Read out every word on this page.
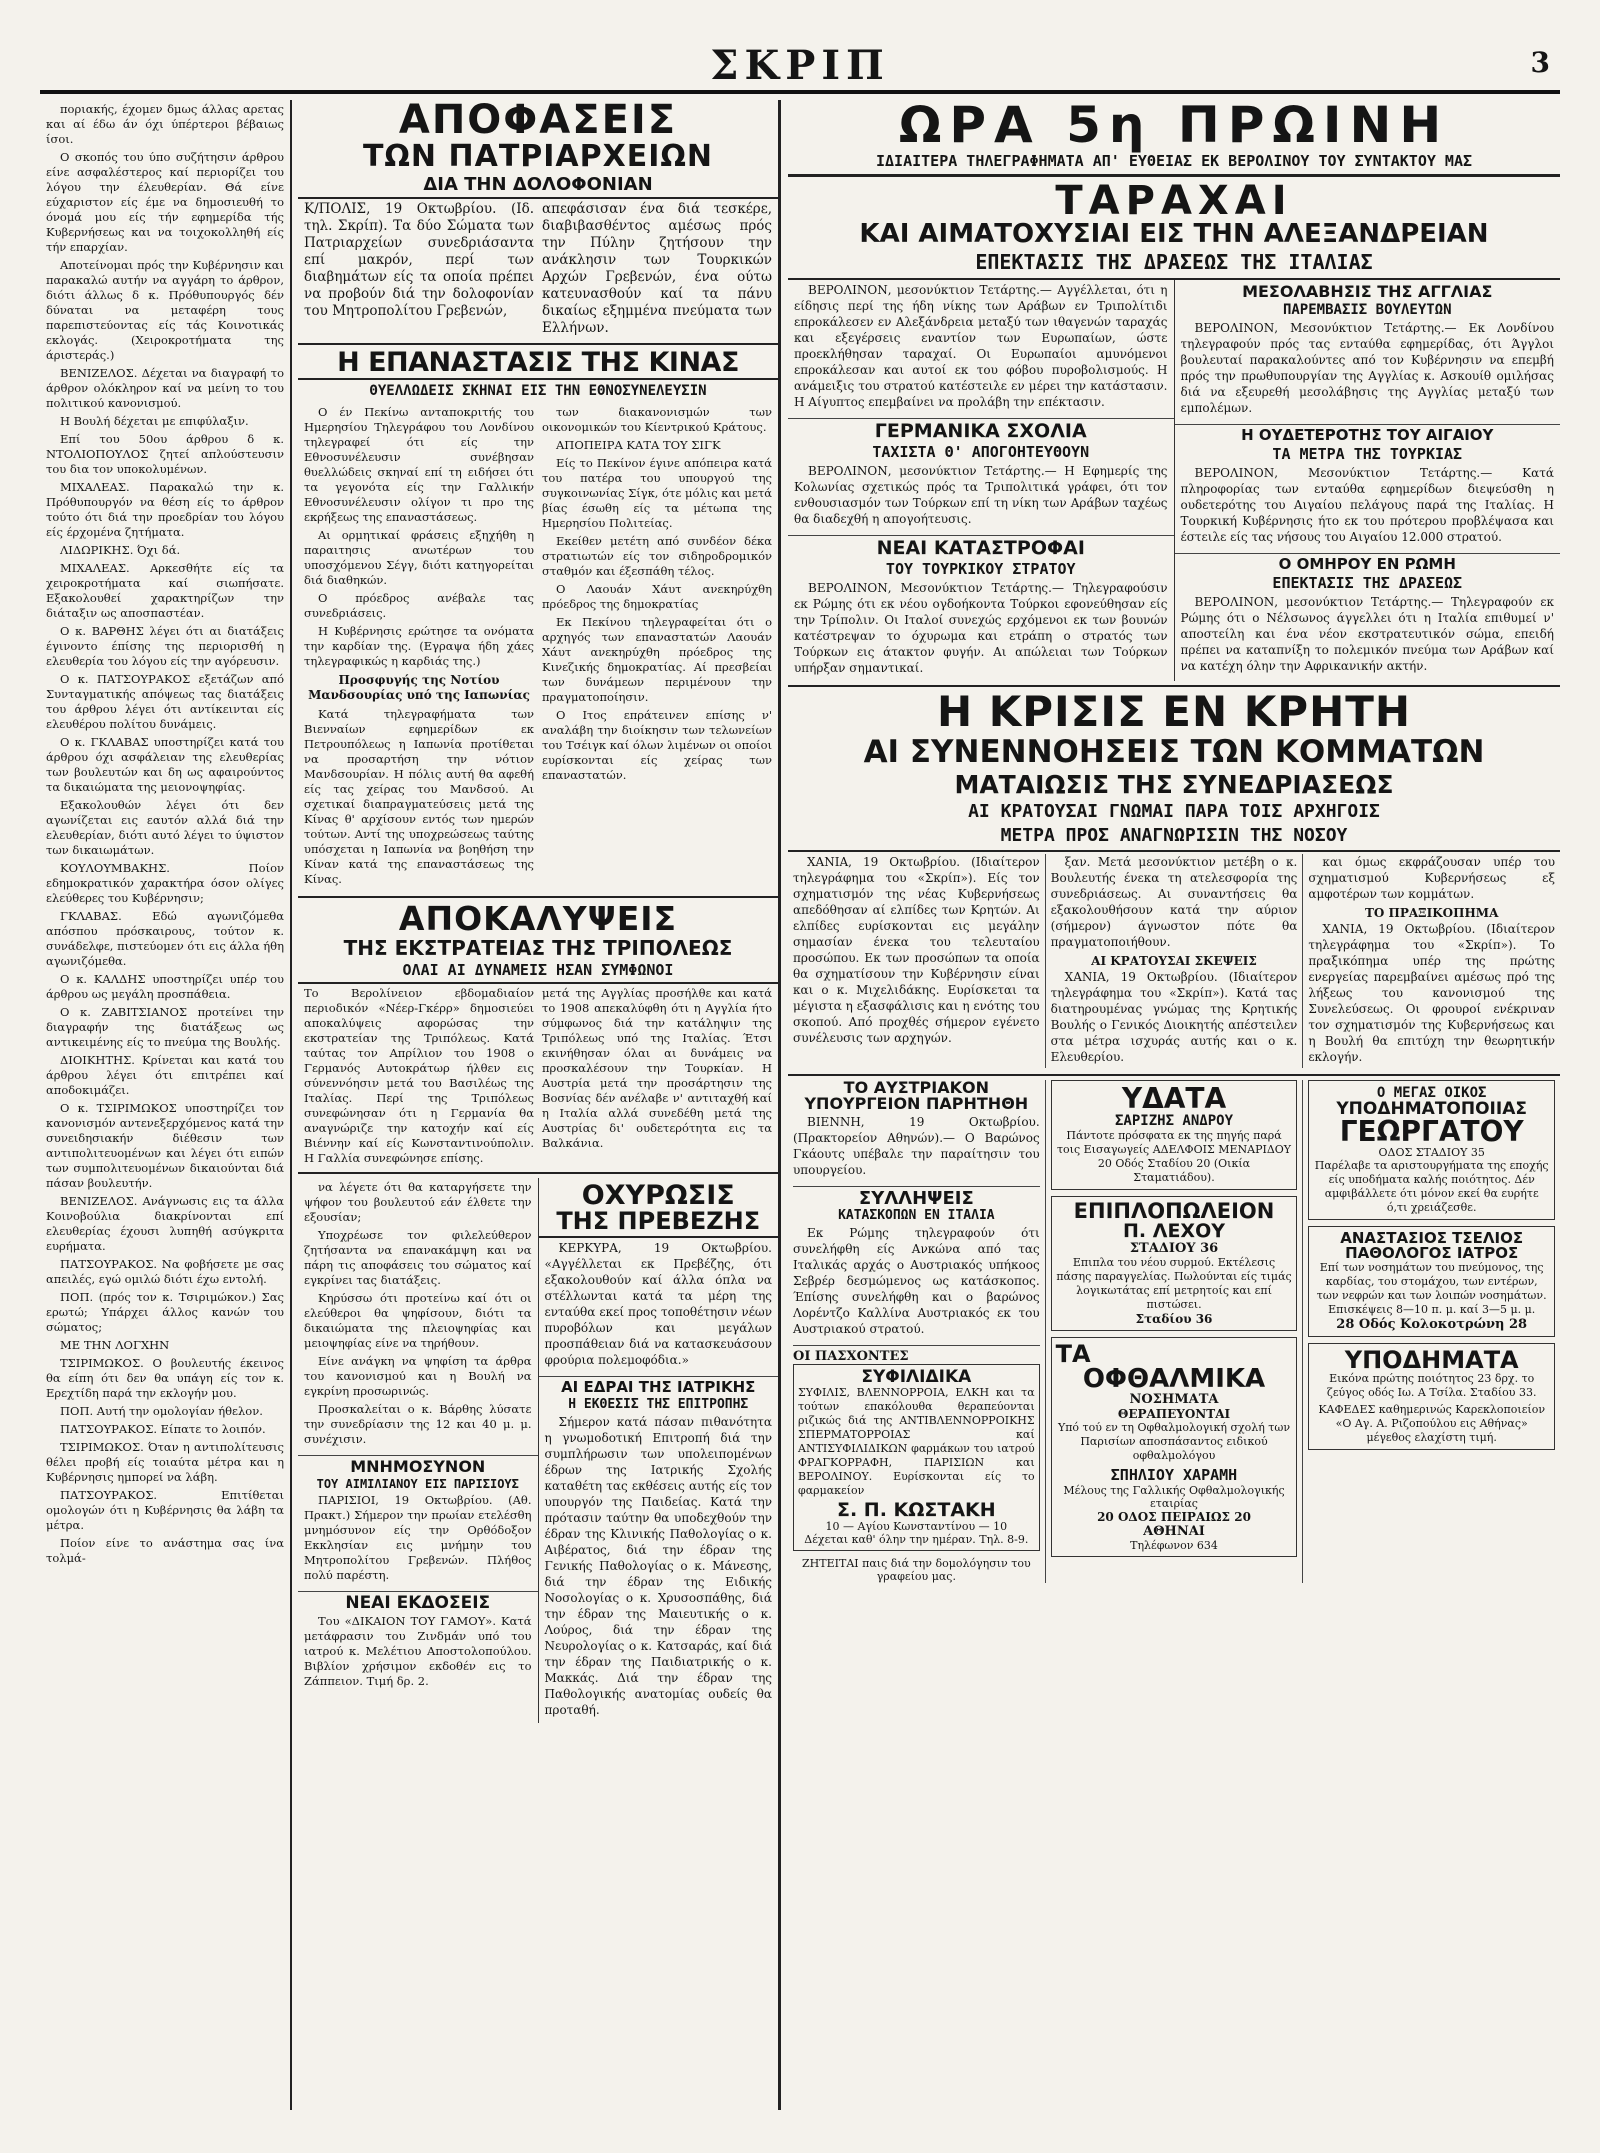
ΣΚΡΙΠ	3

ποριακής, έχομεν δμως άλλας αρετας και αί έδω άν όχι ύπέρτεροι βέβαιως ίσοι.

Ο σκοπός του ύπο συζήτησιν άρθρου είνε ασφαλέστερος καί περιορίζει του λόγου την έλευθερίαν. Θά είνε εύχαριστον είς έμε να δημοσιευθή το όνομά μου είς τήν εφημερίδα τής Κυβερνήσεως και να τοιχοκολληθή είς τήν επαρχίαν.

Αποτείνομαι πρός την Κυβέρνησιν και παρακαλώ αυτήν να αγγάρη το άρθρον, διότι άλλως δ κ. Πρόθυπουργός δέν δύναται να μεταφέρη τους παρεπιστεύοντας είς τάς Κοινοτικάς εκλογάς. (Χειροκροτήματα της άριστεράς.)

ΒΕΝΙΖΕΛΟΣ. Δέχεται να διαγραφή το άρθρον ολόκληρον καί να μείνη το του πολιτικού κανονισμού.

Η Βουλή δέχεται με επιφύλαξιν.

Επί του 50ου άρθρου δ κ. ΝΤΟΛΙΟΠΟΥΛΟΣ ζητεί απλούστευσιν του δια τον υποκολυμένων.

ΜΙΧΑΛΕΑΣ. Παρακαλώ την κ. Πρόθυπουργόν να θέση είς το άρθρον τούτο ότι διά την προεδρίαν του λόγου είς έρχομένα ζητήματα.

ΛΙΔΩΡΙΚΗΣ. Όχι δά.

ΜΙΧΑΛΕΑΣ. Αρκεσθήτε είς τα χειροκροτήματα καί σιωπήσατε. Εξακολουθεί χαρακτηρίζων την διάταξιν ως αποσπαστέαν.

Ο κ. ΒΑΡΘΗΣ λέγει ότι αι διατάξεις έγινοντο έπίσης της περιορισθή η ελευθερία του λόγου είς την αγόρευσιν.

Ο κ. ΠΑΤΣΟΥΡΑΚΟΣ εξετάζων από Συνταγματικής απόψεως τας διατάξεις του άρθρου λέγει ότι αντίκεινται είς ελευθέρου πολίτου δυνάμεις.

Ο κ. ΓΚΛΑΒΑΣ υποστηρίζει κατά του άρθρου όχι ασφάλειαν της ελευθερίας των βουλευτών και δη ως αφαιρούντος τα δικαιώματα της μειονοψηφίας.

Εξακολουθών λέγει ότι δεν αγωνίζεται εις εαυτόν αλλά διά την ελευθερίαν, διότι αυτό λέγει το ύψιστον των δικαιωμάτων.

ΚΟΥΛΟΥΜΒΑΚΗΣ. Ποίον εδημοκρατικόν χαρακτήρα όσον ολίγες ελεύθερες του Κυβέρνησιν;

ΓΚΛΑΒΑΣ. Εδώ αγωνιζόμεθα απόσπου πρόσκαιρους, τούτον κ. συνάδελφε, πιστεύομεν ότι εις άλλα ήθη αγωνιζόμεθα.

Ο κ. ΚΑΛΔΗΣ υποστηρίζει υπέρ του άρθρου ως μεγάλη προσπάθεια.

Ο κ. ΖΑΒΙΤΣΙΑΝΟΣ προτείνει την διαγραφήν της διατάξεως ως αντικειμένης είς το πνεύμα της Βουλής.

ΔΙΟΙΚΗΤΗΣ. Κρίνεται και κατά του άρθρου λέγει ότι επιτρέπει καί αποδοκιμάζει.

Ο κ. ΤΣΙΡΙΜΩΚΟΣ υποστηρίζει τον κανονισμόν αντενεξερχόμενος κατά την συνειδησιακήν διέθεσιν των αντιπολιτευομένων και λέγει ότι ειπών των συμπολιτευομένων δικαιούνται διά πάσαν βουλευτήν.

ΒΕΝΙΖΕΛΟΣ. Ανάγνωσις εις τα άλλα Κοινοβούλια διακρίνονται επί ελευθερίας έχουσι λυπηθή ασύγκριτα ευρήματα.

ΠΑΤΣΟΥΡΑΚΟΣ. Να φοβήσετε με σας απειλές, εγώ ομιλώ διότι έχω εντολή.

ΠΟΠ. (πρός τον κ. Τσιριμώκον.) Σας ερωτώ; Υπάρχει άλλος κανών του σώματος;

ΜΕ ΤΗΝ ΛΟΓΧΗΝ

ΤΣΙΡΙΜΩΚΟΣ. Ο βουλευτής έκεινος θα είπη ότι δεν θα υπάγη είς τον κ. Ερεχτίδη παρά την εκλογήν μου.

ΠΟΠ. Αυτή την ομολογίαν ήθελον.

ΠΑΤΣΟΥΡΑΚΟΣ. Είπατε το λοιπόν.

ΤΣΙΡΙΜΩΚΟΣ. Όταν η αντιπολίτευσις θέλει προβή είς τοιαύτα μέτρα και η Κυβέρνησις ημπορεί να λάβη.

ΠΑΤΣΟΥΡΑΚΟΣ. Επιτίθεται ομολογών ότι η Κυβέρνησις θα λάβη τα μέτρα.

Ποίον είνε το ανάστημα σας ίνα τολμά-

ΑΠΟΦΑΣΕΙΣ
ΤΩΝ ΠΑΤΡΙΑΡΧΕΙΩΝ
ΔΙΑ ΤΗΝ ΔΟΛΟΦΟΝΙΑΝ
Κ/ΠΟΛΙΣ, 19 Οκτωβρίου. (Ιδ. τηλ. Σκρίπ). Τα δύο Σώματα των Πατριαρχείων συνεδριάσαντα επί μακρόν, περί των διαβημάτων είς τα οποία πρέπει να προβούν διά την δολοφονίαν του Μητροπολίτου Γρεβενών,
απεφάσισαν ένα διά τεσκέρε, διαβιβασθέντος αμέσως πρός την Πύλην ζητήσουν την ανάκλησιν των Τουρκικών Αρχών Γρεβενών, ένα ούτω κατευνασθούν καί τα πάνυ δικαίως εξημμένα πνεύματα των Ελλήνων.
Η ΕΠΑΝΑΣΤΑΣΙΣ ΤΗΣ ΚΙΝΑΣ
ΘΥΕΛΛΩΔΕΙΣ ΣΚΗΝΑΙ ΕΙΣ ΤΗΝ ΕΘΝΟΣΥΝΕΛΕΥΣΙΝ

Ο έν Πεκίνω ανταποκριτής του Ημερησίου Τηλεγράφου του Λονδίνου τηλεγραφεί ότι είς την Εθνοσυνέλευσιν συνέβησαν θυελλώδεις σκηναί επί τη ειδήσει ότι τα γεγονότα είς την Γαλλικήν Εθνοσυνέλευσιν ολίγον τι προ της εκρήξεως της επαναστάσεως.

Αι ορμητικαί φράσεις εξηχήθη η παραιτησις ανωτέρων του υποσχόμενου Σέγγ, διότι κατηγορείται διά διαθηκών.

Ο πρόεδρος ανέβαλε τας συνεδριάσεις.

Η Κυβέρνησις ερώτησε τα ονόματα την καρδίαν της. (Εγραψα ήδη χάες τηλεγραφικώς η καρδιάς της.)

Προσφυγής της Νοτίου Μανδσουρίας υπό της Ιαπωνίας

Κατά τηλεγραφήματα των Βιενναίων εφημερίδων εκ Πετρουπόλεως η Ιαπωνία προτίθεται να προσαρτήση την νότιον Μανδσουρίαν. Η πόλις αυτή θα αφεθή είς τας χείρας του Μανδσού. Αι σχετικαί διαπραγματεύσεις μετά της Κίνας θ' αρχίσουν εντός των ημερών τούτων. Αντί της υποχρεώσεως ταύτης υπόσχεται η Ιαπωνία να βοηθήση την Κίναν κατά της επαναστάσεως της Κίνας.

των διακανονισμών των οικονομικών του Κίεντρικού Κράτους.

ΑΠΟΠΕΙΡΑ ΚΑΤΑ ΤΟΥ ΣΙΓΚ

Είς το Πεκίνον έγινε απόπειρα κατά του πατέρα του υπουργού της συγκοινωνίας Σίγκ, ότε μόλις και μετά βίας έσωθη είς τα μέτωπα της Ημερησίου Πολιτείας.

Εκείθεν μετέτη από συνδέον δέκα στρατιωτών είς τον σιδηροδρομικόν σταθμόν και έξεσπάθη τέλος.

Ο Λαουάν Χάυτ ανεκηρύχθη πρόεδρος της δημοκρατίας

Εκ Πεκίνου τηλεγραφείται ότι ο αρχηγός των επαναστατών Λαουάν Χάυτ ανεκηρύχθη πρόεδρος της Κινεζικής δημοκρατίας. Αί πρεσβείαι των δυνάμεων περιμένουν την πραγματοποίησιν.

Ο Ιτος επράτεινεν επίσης ν' αναλάβη την διοίκησιν των τελωνείων του Τσέιγκ καί όλων λιμένων οι οποίοι ευρίσκονται είς χείρας των επαναστατών.

ΑΠΟΚΑΛΥΨΕΙΣ
ΤΗΣ ΕΚΣΤΡΑΤΕΙΑΣ ΤΗΣ ΤΡΙΠΟΛΕΩΣ
ΟΛΑΙ ΑΙ ΔΥΝΑΜΕΙΣ ΗΣΑΝ ΣΥΜΦΩΝΟΙ
Το Βερολίνειον εβδομαδιαίον περιοδικόν «Νέερ-Γκέρρ» δημοσιεύει αποκαλύψεις αφορώσας την εκστρατείαν της Τριπόλεως. Κατά ταύτας τον Απρίλιον του 1908 ο Γερμανός Αυτοκράτωρ ήλθεν εις σύνεννόησιν μετά του Βασιλέως της Ιταλίας. Περί της Τριπόλεως συνεφώνησαν ότι η Γερμανία θα αναγνώριζε την κατοχήν καί είς Βιέννην καί είς Κωνσταντινούπολιν. Η Γαλλία συνεφώνησε επίσης.
μετά της Αγγλίας προσήλθε και κατά το 1908 απεκαλύφθη ότι η Αγγλία ήτο σύμφωνος διά την κατάληψιν της Τριπόλεως υπό της Ιταλίας. Έτσι εκινήθησαν όλαι αι δυνάμεις να προσκαλέσουν την Τουρκίαν. Η Αυστρία μετά την προσάρτησιν της Βοσνίας δέν ανέλαβε ν' αντιταχθή καί η Ιταλία αλλά συνεδέθη μετά της Αυστρίας δι' ουδετερότητα εις τα Βαλκάνια.

να λέγετε ότι θα καταργήσετε την ψήφον του βουλευτού εάν έλθετε την εξουσίαν;

Υποχρέωσε τον φιλελεύθερον ζητήσαντα να επανακάμψη και να πάρη τις αποφάσεις του σώματος καί εγκρίνει τας διατάξεις.

Κηρύσσω ότι προτείνω καί ότι οι ελεύθεροι θα ψηφίσουν, διότι τα δικαιώματα της πλειοψηφίας και μειοψηφίας είνε να τηρήθουν.

Είνε ανάγκη να ψηφίση τα άρθρα του κανονισμού και η Βουλή να εγκρίνη προσωρινώς.

Προσκαλείται ο κ. Βάρθης λύσατε την συνεδρίασιν της 12 και 40 μ. μ. συνέχισιν.

ΜΝΗΜΟΣΥΝΟΝ
ΤΟΥ ΑΙΜΙΛΙΑΝΟΥ ΕΙΣ ΠΑΡΙΣΙΟΥΣ

ΠΑΡΙΣΙΟΙ, 19 Οκτωβρίου. (Αθ. Πρακτ.) Σήμερον την πρωίαν ετελέσθη μνημόσυνον είς την Ορθόδοξον Εκκλησίαν εις μνήμην του Μητροπολίτου Γρεβενών. Πλήθος πολύ παρέστη.

ΝΕΑΙ ΕΚΔΟΣΕΙΣ

Του «ΔΙΚΑΙΟΝ ΤΟΥ ΓΑΜΟΥ». Κατά μετάφρασιν του Ζινδμάν υπό του ιατρού κ. Μελέτιου Αποστολοπούλου. Βιβλίον χρήσιμον εκδοθέν εις το Ζάππειον. Τιμή δρ. 2.

ΟΧΥΡΩΣΙΣ
ΤΗΣ ΠΡΕΒΕΖΗΣ

ΚΕΡΚΥΡΑ, 19 Οκτωβρίου. «Αγγέλλεται εκ Πρεβέζης, ότι εξακολουθούν καί άλλα όπλα να στέλλωνται κατά τα μέρη της ενταύθα εκεί προς τοποθέτησιν νέων πυροβόλων και μεγάλων προσπάθειαν διά να κατασκευάσουν φρούρια πολεμοφόδια.»

ΑΙ ΕΔΡΑΙ ΤΗΣ ΙΑΤΡΙΚΗΣ
Η ΕΚΘΕΣΙΣ ΤΗΣ ΕΠΙΤΡΟΠΗΣ

Σήμερον κατά πάσαν πιθανότητα η γνωμοδοτική Επιτροπή διά την συμπλήρωσιν των υπολειπομένων έδρων της Ιατρικής Σχολής καταθέτη τας εκθέσεις αυτής είς τον υπουργόν της Παιδείας. Κατά την πρότασιν ταύτην θα υποδεχθούν την έδραν της Κλινικής Παθολογίας ο κ. Αιβέρατος, διά την έδραν της Γενικής Παθολογίας ο κ. Μάνεσης, διά την έδραν της Ειδικής Νοσολογίας ο κ. Χρυσοσπάθης, διά την έδραν της Μαιευτικής ο κ. Λούρος, διά την έδραν της Νευρολογίας ο κ. Κατσαράς, καί διά την έδραν της Παιδιατρικής ο κ. Μακκάς. Διά την έδραν της Παθολογικής ανατομίας ουδείς θα προταθή.

ΩΡΑ 5η ΠΡΩΙΝΗ
ΙΔΙΑΙΤΕΡΑ ΤΗΛΕΓΡΑΦΗΜΑΤΑ ΑΠ' ΕΥΘΕΙΑΣ ΕΚ ΒΕΡΟΛΙΝΟΥ ΤΟΥ ΣΥΝΤΑΚΤΟΥ ΜΑΣ
ΤΑΡΑΧΑΙ
ΚΑΙ ΑΙΜΑΤΟΧΥΣΙΑΙ ΕΙΣ ΤΗΝ ΑΛΕΞΑΝΔΡΕΙΑΝ
ΕΠΕΚΤΑΣΙΣ ΤΗΣ ΔΡΑΣΕΩΣ ΤΗΣ ΙΤΑΛΙΑΣ

ΒΕΡΟΛΙΝΟΝ, μεσονύκτιον Τετάρτης.— Αγγέλλεται, ότι η είδησις περί της ήδη νίκης των Αράβων εν Τριπολίτιδι επροκάλεσεν εν Αλεξάνδρεια μεταξύ των ιθαγενών ταραχάς και εξεγέρσεις εναντίον των Ευρωπαίων, ώστε προεκλήθησαν ταραχαί. Οι Ευρωπαίοι αμυνόμενοι επροκάλεσαν και αυτοί εκ του φόβου πυροβολισμούς. Η ανάμειξις του στρατού κατέστειλε εν μέρει την κατάστασιν. Η Αίγυπτος επεμβαίνει να προλάβη την επέκτασιν.

ΓΕΡΜΑΝΙΚΑ ΣΧΟΛΙΑ
ΤΑΧΙΣΤΑ Θ' ΑΠΟΓΟΗΤΕΥΘΟΥΝ

ΒΕΡΟΛΙΝΟΝ, μεσονύκτιον Τετάρτης.— Η Εφημερίς της Κολωνίας σχετικώς πρός τα Τριπολιτικά γράφει, ότι τον ενθουσιασμόν των Τούρκων επί τη νίκη των Αράβων ταχέως θα διαδεχθή η απογοήτευσις.

ΝΕΑΙ ΚΑΤΑΣΤΡΟΦΑΙ
ΤΟΥ ΤΟΥΡΚΙΚΟΥ ΣΤΡΑΤΟΥ

ΒΕΡΟΛΙΝΟΝ, Μεσονύκτιον Τετάρτης.— Τηλεγραφούσιν εκ Ρώμης ότι εκ νέου ογδοήκοντα Τούρκοι εφονεύθησαν είς την Τρίπολιν. Οι Ιταλοί συνεχώς ερχόμενοι εκ των βουνών κατέστρεψαν το όχυρωμα και ετράπη ο στρατός των Τούρκων εις άτακτον φυγήν. Αι απώλειαι των Τούρκων υπήρξαν σημαντικαί.

ΜΕΣΟΛΑΒΗΣΙΣ ΤΗΣ ΑΓΓΛΙΑΣ
ΠΑΡΕΜΒΑΣΙΣ ΒΟΥΛΕΥΤΩΝ

ΒΕΡΟΛΙΝΟΝ, Μεσονύκτιον Τετάρτης.— Εκ Λονδίνου τηλεγραφούν πρός τας ενταύθα εφημερίδας, ότι Άγγλοι βουλευταί παρακαλούντες από τον Κυβέρνησιν να επεμβή πρός την πρωθυπουργίαν της Αγγλίας κ. Ασκουίθ ομιλήσας διά να εξευρεθή μεσολάβησις της Αγγλίας μεταξύ των εμπολέμων.

Η ΟΥΔΕΤΕΡΟΤΗΣ ΤΟΥ ΑΙΓΑΙΟΥ
ΤΑ ΜΕΤΡΑ ΤΗΣ ΤΟΥΡΚΙΑΣ

ΒΕΡΟΛΙΝΟΝ, Μεσονύκτιον Τετάρτης.— Κατά πληροφορίας των ενταύθα εφημερίδων διεψεύσθη η ουδετερότης του Αιγαίου πελάγους παρά της Ιταλίας. Η Τουρκική Κυβέρνησις ήτο εκ του πρότερου προβλέψασα και έστειλε είς τας νήσους του Αιγαίου 12.000 στρατού.

Ο ΟΜΗΡΟΥ ΕΝ ΡΩΜΗ
ΕΠΕΚΤΑΣΙΣ ΤΗΣ ΔΡΑΣΕΩΣ

ΒΕΡΟΛΙΝΟΝ, μεσονύκτιον Τετάρτης.— Τηλεγραφούν εκ Ρώμης ότι ο Νέλσωνος άγγελλει ότι η Ιταλία επιθυμεί ν' αποστείλη και ένα νέον εκστρατευτικόν σώμα, επειδή πρέπει να καταπνίξη το πολεμικόν πνεύμα των Αράβων καί να κατέχη όλην την Αφρικανικήν ακτήν.

Η ΚΡΙΣΙΣ ΕΝ ΚΡΗΤΗ
ΑΙ ΣΥΝΕΝΝΟΗΣΕΙΣ ΤΩΝ ΚΟΜΜΑΤΩΝ
ΜΑΤΑΙΩΣΙΣ ΤΗΣ ΣΥΝΕΔΡΙΑΣΕΩΣ
ΑΙ ΚΡΑΤΟΥΣΑΙ ΓΝΩΜΑΙ ΠΑΡΑ ΤΟΙΣ ΑΡΧΗΓΟΙΣ
ΜΕΤΡΑ ΠΡΟΣ ΑΝΑΓΝΩΡΙΣΙΝ ΤΗΣ ΝΟΣΟΥ

ΧΑΝΙΑ, 19 Οκτωβρίου. (Ιδιαίτερον τηλεγράφημα του «Σκρίπ»). Είς τον σχηματισμόν της νέας Κυβερνήσεως απεδόθησαν αί ελπίδες των Κρητών. Αι ελπίδες ευρίσκονται εις μεγάλην σημασίαν ένεκα του τελευταίου προσώπου. Εκ των προσώπων τα οποία θα σχηματίσουν την Κυβέρνησιν είναι και ο κ. Μιχελιδάκης. Ευρίσκεται τα μέγιστα η εξασφάλισις και η ενότης του σκοπού. Από προχθές σήμερον εγένετο συνέλευσις των αρχηγών.

ξαν. Μετά μεσονύκτιον μετέβη ο κ. Βουλευτής ένεκα τη ατελεσφορία της συνεδριάσεως. Αι συναντήσεις θα εξακολουθήσουν κατά την αύριον (σήμερον) άγνωστον πότε θα πραγματοποιήθουν.

ΑΙ ΚΡΑΤΟΥΣΑΙ ΣΚΕΨΕΙΣ

ΧΑΝΙΑ, 19 Οκτωβρίου. (Ιδιαίτερον τηλεγράφημα του «Σκρίπ»). Κατά τας διατηρουμένας γνώμας της Κρητικής Βουλής ο Γενικός Διοικητής απέστειλεν στα μέτρα ισχυράς αυτής και ο κ. Ελευθερίου.

και όμως εκφράζουσαν υπέρ του σχηματισμού Κυβερνήσεως εξ αμφοτέρων των κομμάτων.

ΤΟ ΠΡΑΞΙΚΟΠΗΜΑ

ΧΑΝΙΑ, 19 Οκτωβρίου. (Ιδιαίτερον τηλεγράφημα του «Σκρίπ»). Το πραξικόπημα υπέρ της πρώτης ενεργείας παρεμβαίνει αμέσως πρό της λήξεως του κανονισμού της Συνελεύσεως. Οι φρουροί ενέκριναν τον σχηματισμόν της Κυβερνήσεως και η Βουλή θα επιτύχη την θεωρητικήν εκλογήν.

ΤΟ ΑΥΣΤΡΙΑΚΟΝ
ΥΠΟΥΡΓΕΙΟΝ ΠΑΡΗΤΗΘΗ

ΒΙΕΝΝΗ, 19 Οκτωβρίου. (Πρακτορείον Αθηνών).— Ο Βαρώνος Γκάουτς υπέβαλε την παραίτησιν του υπουργείου.

ΣΥΛΛΗΨΕΙΣ
ΚΑΤΑΣΚΟΠΩΝ ΕΝ ΙΤΑΛΙΑ

Εκ Ρώμης τηλεγραφούν ότι συνελήφθη είς Ανκώνα από τας Ιταλικάς αρχάς ο Αυστριακός υπήκοος Σεβρέρ δεσμώμενος ως κατάσκοπος. Έπίσης συνελήφθη και ο βαρώνος Λορέντζο Καλλίνα Αυστριακός εκ του Αυστριακού στρατού.

ΟΙ ΠΑΣΧΟΝΤΕΣ
ΣΥΦΙΛΙΔΙΚΑ
ΣΥΦΙΛΙΣ, ΒΛΕΝΝΟΡΡΟΙΑ, ΕΛΚΗ και τα τούτων επακόλουθα θεραπεύονται ριζικώς διά της ΑΝΤΙΒΛΕΝΝΟΡΡΟΙΚΗΣ ΣΠΕΡΜΑΤΟΡΡΟΙΑΣ καί ΑΝΤΙΣΥΦΙΛΙΔΙΚΩΝ φαρμάκων του ιατρού ΦΡΑΓΚΟΡΡΑΦΗ, ΠΑΡΙΣΙΩΝ και ΒΕΡΟΛΙΝΟΥ. Ευρίσκονται είς το φαρμακείον
Σ. Π. ΚΩΣΤΑΚΗ
10 — Αγίου Κωνσταντίνου — 10
Δέχεται καθ' όλην την ημέραν. Τηλ. 8-9.
ΖΗΤΕΙΤΑΙ παις διά την δομολόγησιν του γραφείου μας.
ΥΔΑΤΑ
ΣΑΡΙΖΗΣ ΑΝΔΡΟΥ
Πάντοτε πρόσφατα εκ της πηγής παρά τοις Εισαγωγείς ΑΔΕΛΦΟΙΣ ΜΕΝΑΡΙΔΟΥ 20 Οδός Σταδίου 20 (Οικία Σταματιάδου).
ΕΠΙΠΛΟΠΩΛΕΙΟΝ
Π. ΛΕΧΟΥ
ΣΤΑΔΙΟΥ 36
Επιπλα του νέου συρμού. Εκτέλεσις πάσης παραγγελίας. Πωλούνται είς τιμάς λογικωτάτας επί μετρητοίς και επί πιστώσει.
Σταδίου 36
ΤΑ
ΟΦΘΑΛΜΙΚΑ
ΝΟΣΗΜΑΤΑ
ΘΕΡΑΠΕΥΟΝΤΑΙ
Υπό τού εν τη Οφθαλμολογική σχολή των Παρισίων αποσπάσαντος ειδικού οφθαλμολόγου
ΣΠΗΛΙΟΥ ΧΑΡΑΜΗ
Μέλους της Γαλλικής Οφθαλμολογικής εταιρίας
20 ΟΔΟΣ ΠΕΙΡΑΙΩΣ 20
ΑΘΗΝΑΙ
Τηλέφωνον 634
Ο ΜΕΓΑΣ ΟΙΚΟΣ
ΥΠΟΔΗΜΑΤΟΠΟΙΙΑΣ
ΓΕΩΡΓΑΤΟΥ
ΟΔΟΣ ΣΤΑΔΙΟΥ 35
Παρέλαβε τα αριστουργήματα της εποχής είς υποδήματα καλής ποιότητος. Δέν αμφιβάλλετε ότι μόνον εκεί θα ευρήτε ό,τι χρειάζεσθε.
ΑΝΑΣΤΑΣΙΟΣ ΤΣΕΛΙΟΣ
ΠΑΘΟΛΟΓΟΣ ΙΑΤΡΟΣ
Επί των νοσημάτων του πνεύμονος, της καρδίας, του στομάχου, των εντέρων, των νεφρών και των λοιπών νοσημάτων. Επισκέψεις 8—10 π. μ. καί 3—5 μ. μ.
28 Οδός Κολοκοτρώνη 28
ΥΠΟΔΗΜΑΤΑ
Εικόνα πρώτης ποιότητος 23 δρχ. το ζεύγος οδός Ιω. Α Τσίλα. Σταδίου 33.
ΚΑΦΕΔΕΣ καθημερινώς Καρεκλοποιείον «Ο Αγ. Α. Ριζοπούλου εις Αθήνας» μέγεθος ελαχίστη τιμή.
